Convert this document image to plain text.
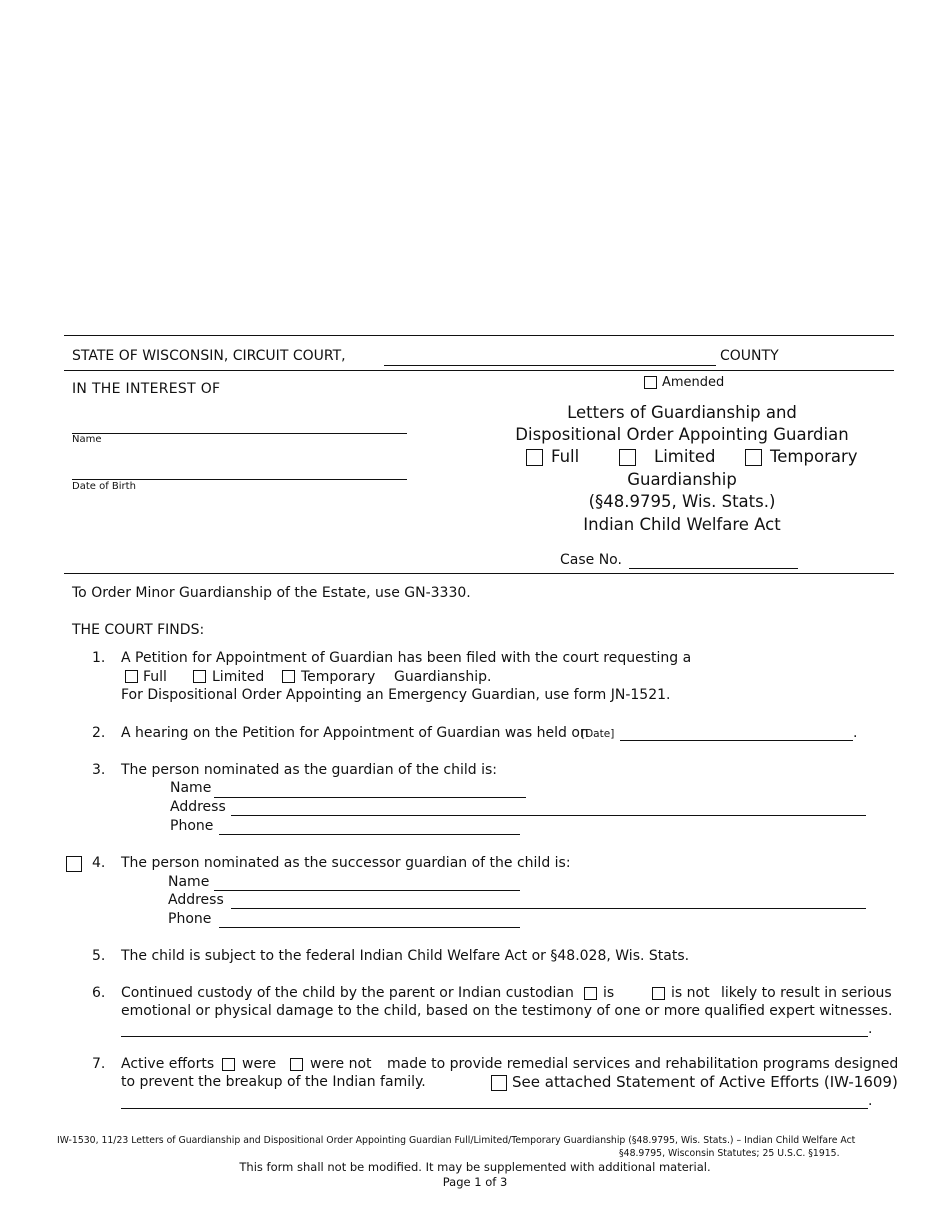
STATE OF WISCONSIN, CIRCUIT COURT,	COUNTY
IN THE INTEREST OF
Name
Date of Birth
Amended
Letters of Guardianship and
Dispositional Order Appointing Guardian
Full	Limited	Temporary
Guardianship
(§48.9795, Wis. Stats.)
Indian Child Welfare Act
Case No.
To Order Minor Guardianship of the Estate, use GN-3330.
THE COURT FINDS:
1. A Petition for Appointment of Guardian has been filed with the court requesting a
Full	Limited	Temporary Guardianship.
For Dispositional Order Appointing an Emergency Guardian, use form JN-1521.
2. A hearing on the Petition for Appointment of Guardian was held on
[Date]	.
3. The person nominated as the guardian of the child is:
Name
Address
Phone
4. The person nominated as the successor guardian of the child is:
Name
Address
Phone
5. The child is subject to the federal Indian Child Welfare Act or §48.028, Wis. Stats.
6. Continued custody of the child by the parent or Indian custodian is	is not likely to result in serious
emotional or physical damage to the child, based on the testimony of one or more qualified expert witnesses.
.
7. Active efforts were were not made to provide remedial services and rehabilitation programs designed
to prevent the breakup of the Indian family.	See attached Statement of Active Efforts (IW-1609)
.
IW-1530, 11/23 Letters of Guardianship and Dispositional Order Appointing Guardian Full/Limited/Temporary Guardianship (§48.9795, Wis. Stats.) – Indian Child Welfare Act
§48.9795, Wisconsin Statutes; 25 U.S.C. §1915.
This form shall not be modified. It may be supplemented with additional material.
Page 1 of 3
